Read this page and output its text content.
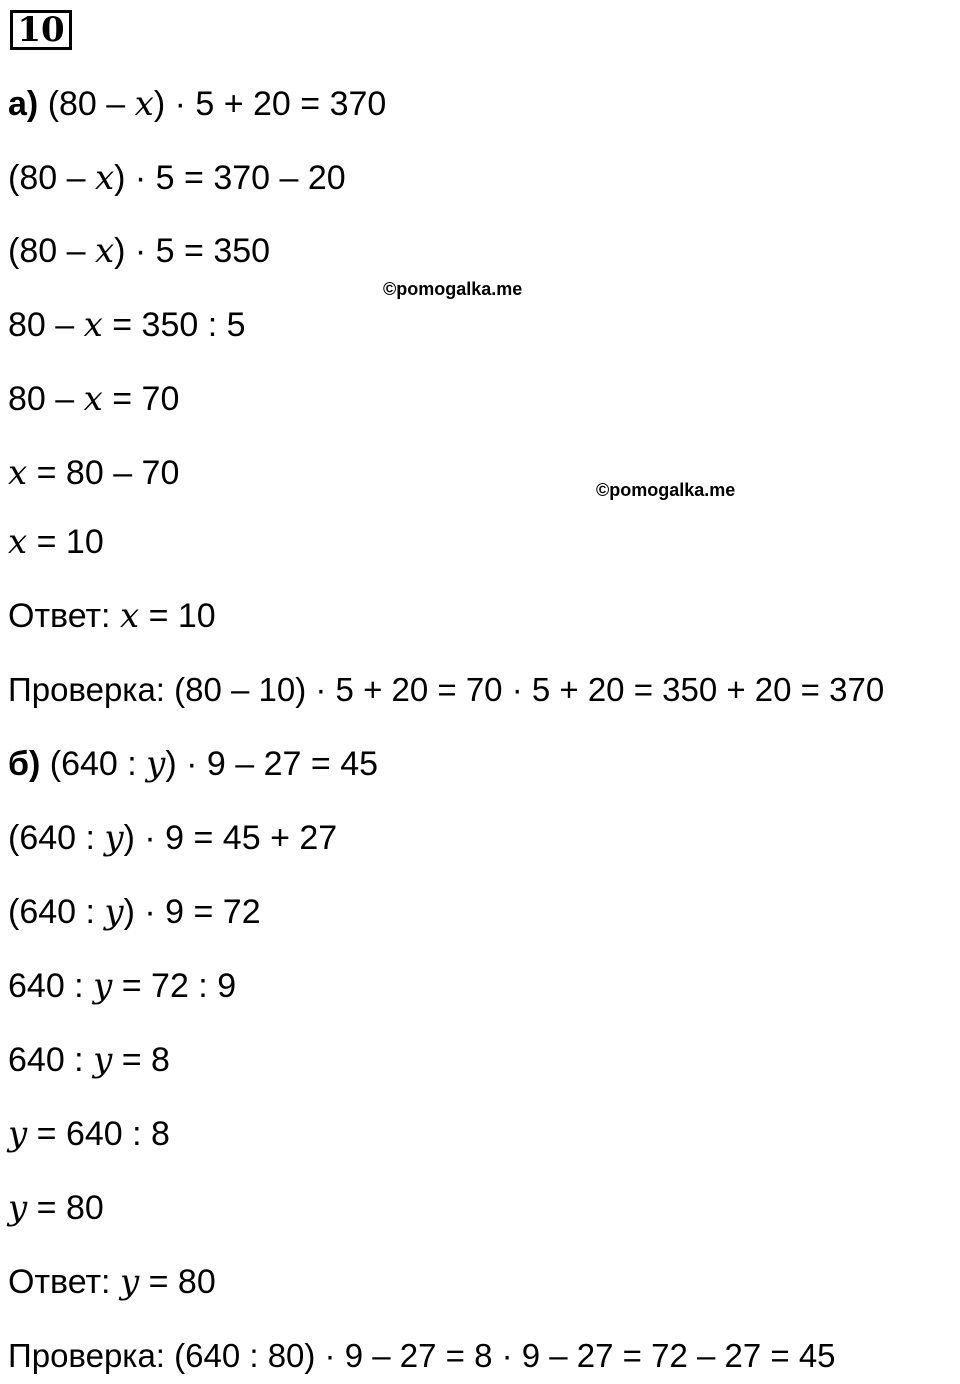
10
а) (80 – x) · 5 + 20 = 370
(80 – x) · 5 = 370 – 20
(80 – x) · 5 = 350
80 – x = 350 : 5
80 – x = 70
x = 80 – 70
x = 10
Ответ: x = 10
Проверка: (80 – 10) · 5 + 20 = 70 · 5 + 20 = 350 + 20 = 370
б) (640 : y) · 9 – 27 = 45
(640 : y) · 9 = 45 + 27
(640 : y) · 9 = 72
640 : y = 72 : 9
640 : y = 8
y = 640 : 8
y = 80
Ответ: y = 80
Проверка: (640 : 80) · 9 – 27 = 8 · 9 – 27 = 72 – 27 = 45
©pomogalka.me
©pomogalka.me
